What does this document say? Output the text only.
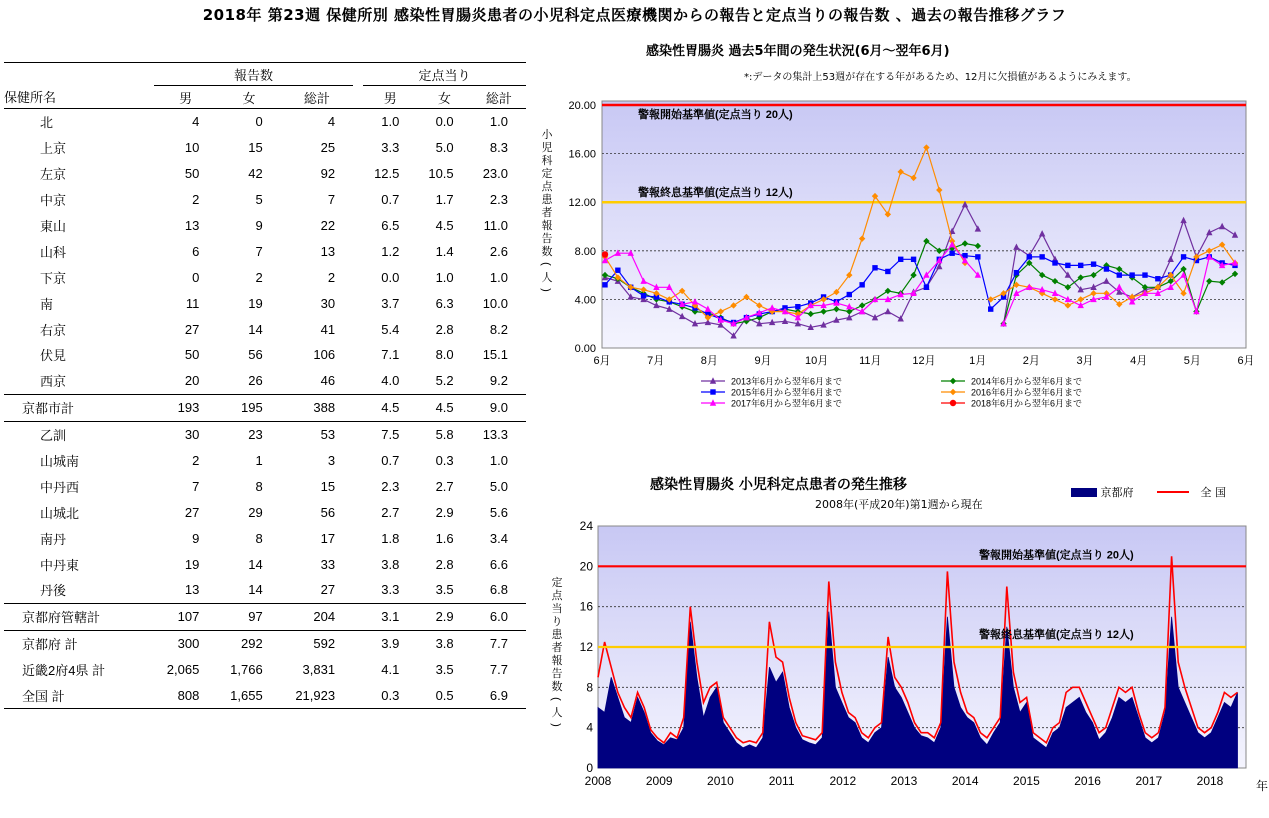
2018年 第23週 保健所別 感染性胃腸炎患者の小児科定点医療機関からの報告と定点当りの報告数 、過去の報告推移グラフ
	報告数				定点当り		
保健所名	男	女	総計		男	女	総計
北	4	0	4		1.0	0.0	1.0
上京	10	15	25		3.3	5.0	8.3
左京	50	42	92		12.5	10.5	23.0
中京	2	5	7		0.7	1.7	2.3
東山	13	9	22		6.5	4.5	11.0
山科	6	7	13		1.2	1.4	2.6
下京	0	2	2		0.0	1.0	1.0
南	11	19	30		3.7	6.3	10.0
右京	27	14	41		5.4	2.8	8.2
伏見	50	56	106		7.1	8.0	15.1
西京	20	26	46		4.0	5.2	9.2
京都市計	193	195	388		4.5	4.5	9.0
乙訓	30	23	53		7.5	5.8	13.3
山城南	2	1	3		0.7	0.3	1.0
中丹西	7	8	15		2.3	2.7	5.0
山城北	27	29	56		2.7	2.9	5.6
南丹	9	8	17		1.8	1.6	3.4
中丹東	19	14	33		3.8	2.8	6.6
丹後	13	14	27		3.3	3.5	6.8
京都府管轄計	107	97	204		3.1	2.9	6.0
京都府 計	300	292	592		3.9	3.8	7.7
近畿2府4県 計	2,065	1,766	3,831		4.1	3.5	7.7
全国 計	808	1,655	21,923		0.3	0.5	6.9
感染性胃腸炎 過去5年間の発生状況(6月～翌年6月)
*:データの集計上53週が存在する年があるため、12月に欠損値があるようにみえます。
0.00
4.00
8.00
12.00
16.00
20.00
警報開始基準値(定点当り 20人)
警報終息基準値(定点当り 12人)
6月	7月	8月	9月	10月	11月	12月	1月	2月	3月	4月	5月	6月
小
児
科
定
点
患
者
報
告
数
(
人
)
2013年6月から翌年6月まで	2014年6月から翌年6月まで
2015年6月から翌年6月まで	2016年6月から翌年6月まで
2017年6月から翌年6月まで	2018年6月から翌年6月まで
感染性胃腸炎 小児科定点患者の発生推移
2008年(平成20年)第1週から現在
京都府	全 国
0
4
8
12
16
20
24
2008	2009	2010	2011	2012	2013	2014	2015	2016	2017	2018	年
定
点
当
り
患
者
報
告
数
(
人
)
警報開始基準値(定点当り 20人)
警報終息基準値(定点当り 12人)
